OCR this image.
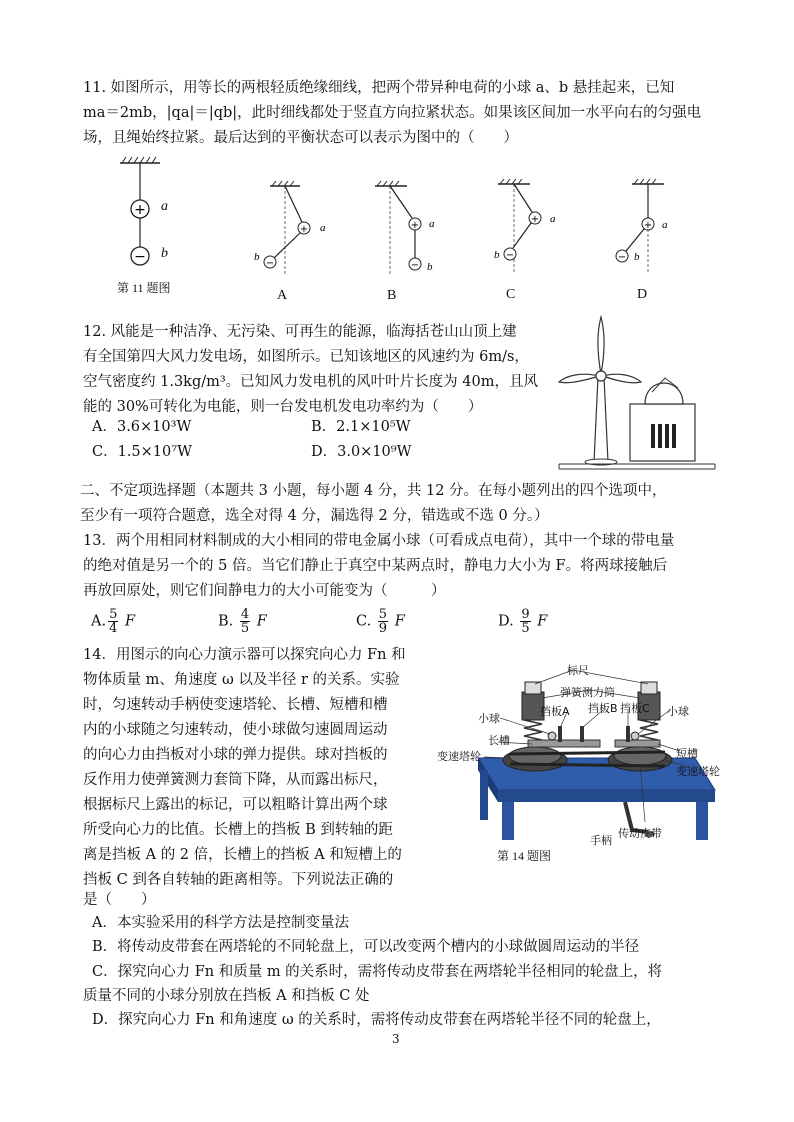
11. 如图所示，用等长的两根轻质绝缘细线，把两个带异种电荷的小球 a、b 悬挂起来，已知
ma＝2mb，|qa|＝|qb|，此时细线都处于竖直方向拉紧状态。如果该区间加一水平向右的匀强电
场，且绳始终拉紧。最后达到的平衡状态可以表示为图中的（　　）
+
−
a
b
第 11 题图
+
−
a
b
A
+
−
a
b
B
+
−
a
b
C
+
−
a
b
D
12. 风能是一种洁净、无污染、可再生的能源，临海括苍山山顶上建
有全国第四大风力发电场，如图所示。已知该地区的风速约为 6m/s，
空气密度约 1.3kg/m³。已知风力发电机的风叶叶片长度为 40m，且风
能的 30%可转化为电能，则一台发电机发电功率约为（　　）
A．3.6×10³W	B．2.1×10⁵W
C．1.5×10⁷W	D．3.0×10⁹W
二、不定项选择题（本题共 3 小题，每小题 4 分，共 12 分。在每小题列出的四个选项中，
至少有一项符合题意，选全对得 4 分，漏选得 2 分，错选或不选 0 分。）
13．两个用相同材料制成的大小相同的带电金属小球（可看成点电荷），其中一个球的带电量
的绝对值是另一个的 5 倍。当它们静止于真空中某两点时，静电力大小为 F。将两球接触后
再放回原处，则它们间静电力的大小可能变为（　　　）
A. $\frac{5}{4}$ F	B. $\frac{4}{5}$ F	C. $\frac{5}{9}$ F	D. $\frac{9}{5}$ F
14．用图示的向心力演示器可以探究向心力 Fn 和
物体质量 m、角速度 ω 以及半径 r 的关系。实验
时，匀速转动手柄使变速塔轮、长槽、短槽和槽
内的小球随之匀速转动，使小球做匀速圆周运动
的向心力由挡板对小球的弹力提供。球对挡板的
反作用力使弹簧测力套筒下降，从而露出标尺，
根据标尺上露出的标记，可以粗略计算出两个球
所受向心力的比值。长槽上的挡板 B 到转轴的距
离是挡板 A 的 2 倍，长槽上的挡板 A 和短槽上的
挡板 C 到各自转轴的距离相等。下列说法正确的
是（　　）
标尺
弹簧测力筒
小球
挡板A 挡板B 挡板C 小球
长槽
短槽
变速塔轮
变速塔轮
传动皮带
手柄
第 14 题图
A．本实验采用的科学方法是控制变量法
B．将传动皮带套在两塔轮的不同轮盘上，可以改变两个槽内的小球做圆周运动的半径
C．探究向心力 Fn 和质量 m 的关系时，需将传动皮带套在两塔轮半径相同的轮盘上，将
质量不同的小球分别放在挡板 A 和挡板 C 处
D．探究向心力 Fn 和角速度 ω 的关系时，需将传动皮带套在两塔轮半径不同的轮盘上，
3
